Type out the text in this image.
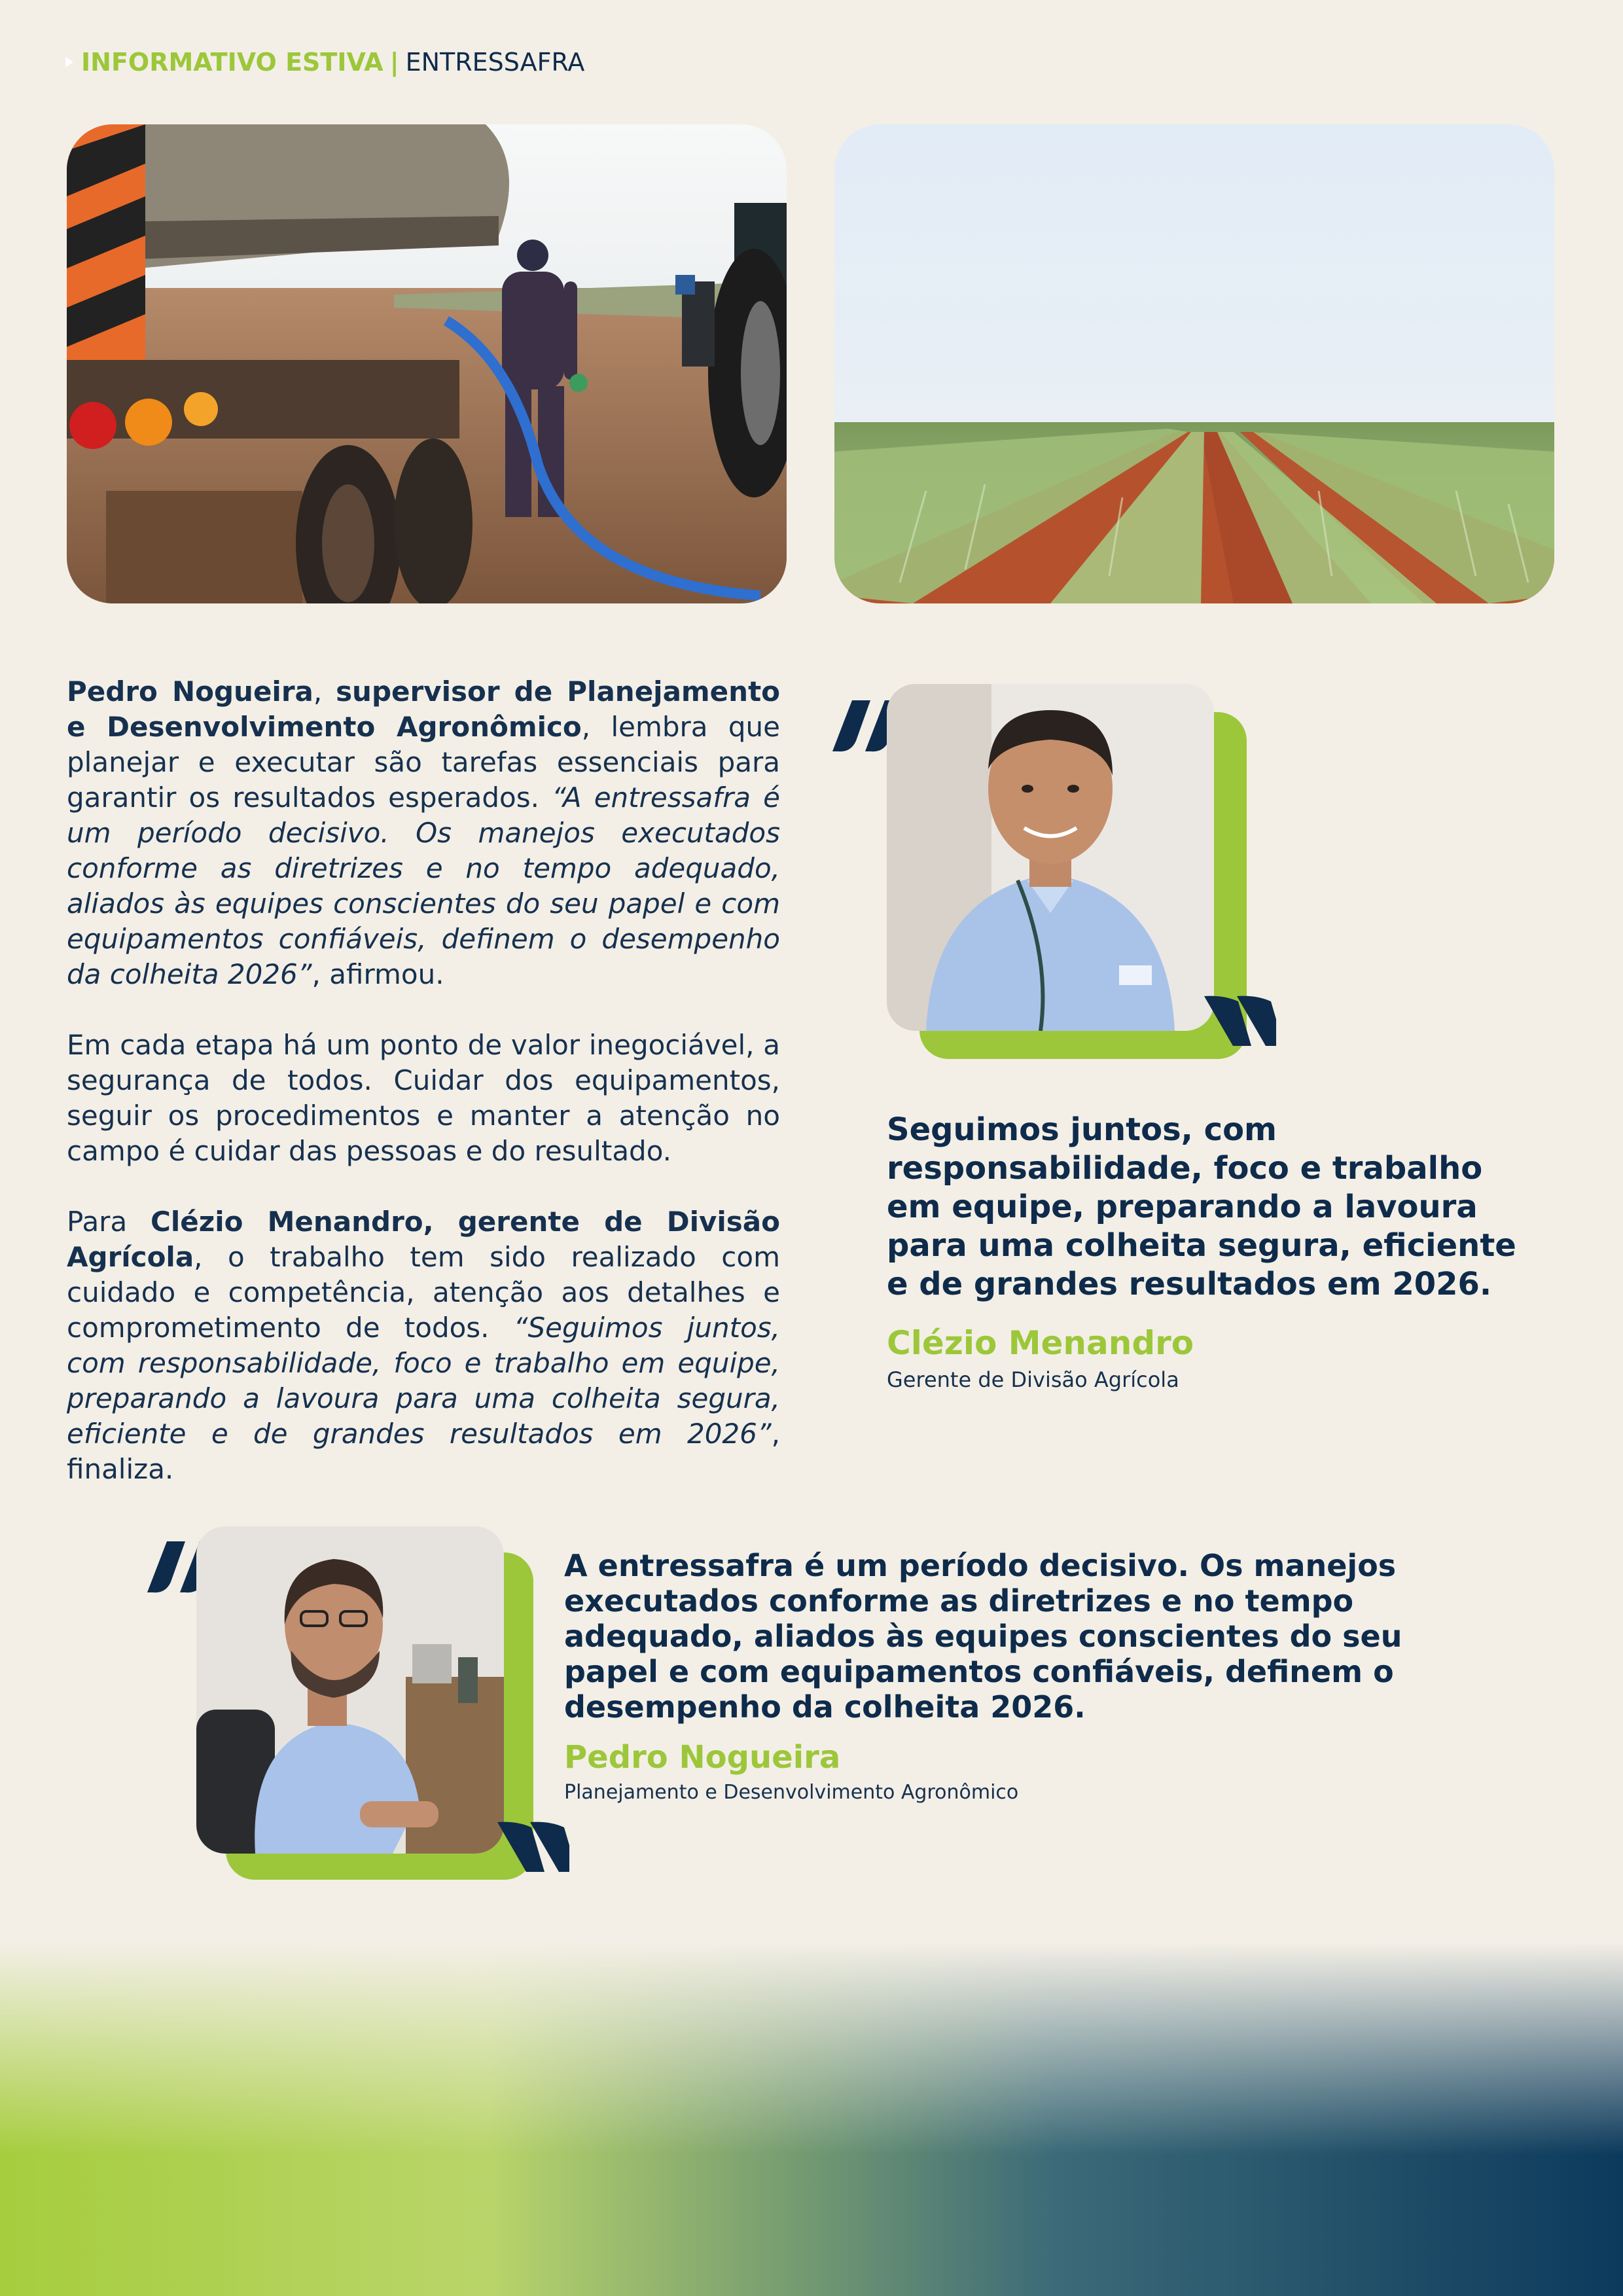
INFORMATIVO ESTIVA | ENTRESSAFRA

Pedro Nogueira, supervisor de Planejamento e Desenvolvimento Agronômico, lembra que planejar e executar são tarefas essenciais para garantir os resultados esperados. “A entressafra é um período decisivo. Os manejos executados conforme as diretrizes e no tempo adequado, aliados às equipes conscientes do seu papel e com equipamentos confiáveis, definem o desempenho da colheita 2026”, afirmou.

Em cada etapa há um ponto de valor inegociável, a segurança de todos. Cuidar dos equipamentos, seguir os procedimentos e manter a atenção no campo é cuidar das pessoas e do resultado.

Para Clézio Menandro, gerente de Divisão Agrícola, o trabalho tem sido realizado com cuidado e competência, atenção aos detalhes e comprometimento de todos. “Seguimos juntos, com responsabilidade, foco e trabalho em equipe, preparando a lavoura para uma colheita segura, eficiente e de grandes resultados em 2026”, finaliza.

Seguimos juntos, com responsabilidade, foco e trabalho em equipe, preparando a lavoura para uma colheita segura, eficiente e de grandes resultados em 2026.
Clézio Menandro
Gerente de Divisão Agrícola
A entressafra é um período decisivo. Os manejos executados conforme as diretrizes e no tempo adequado, aliados às equipes conscientes do seu papel e com equipamentos confiáveis, definem o desempenho da colheita 2026.
Pedro Nogueira
Planejamento e Desenvolvimento Agronômico
